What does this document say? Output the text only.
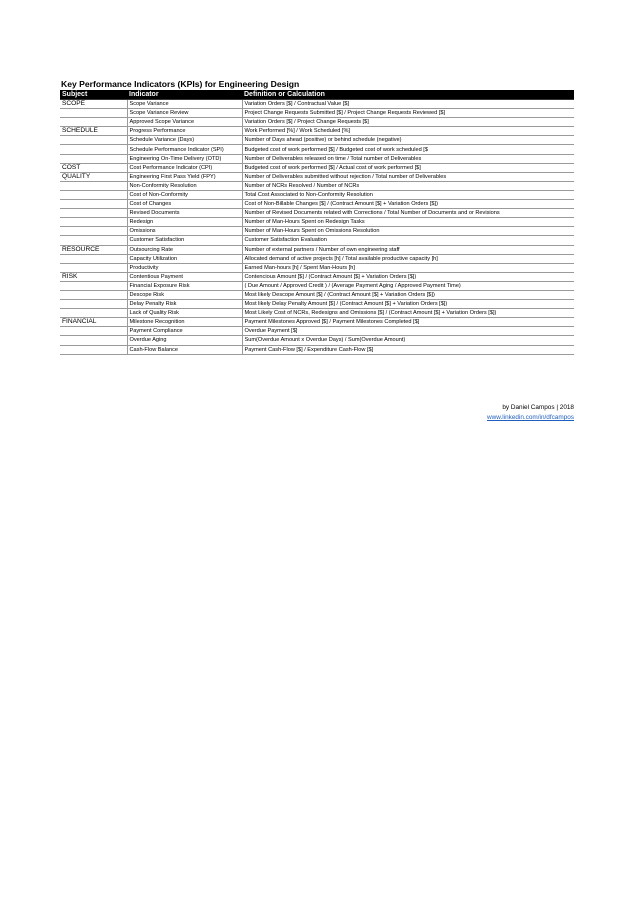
Key Performance Indicators (KPIs) for Engineering Design
Subject	Indicator	Definition or Calculation
SCOPE	Scope Variance	Variation Orders [$] / Contractual Value [$]
	Scope Variance Review	Project Change Requests Submitted [$] / Project Change Requests Reviewed [$]
	Approved Scope Variance	Variation Orders [$] / Project Change Requests [$]
SCHEDULE	Progress Performance	Work Performed [%] / Work Scheduled [%]
	Schedule Variance (Days)	Number of Days ahead (positive) or behind schedule (negative)
	Schedule Performance Indicator (SPI)	Budgeted cost of work performed [$] / Budgeted cost of work scheduled [$
	Engineering On-Time Delivery (OTD)	Number of Deliverables released on time / Total number of Deliverables
COST	Cost Performance Indicator (CPI)	Budgeted cost of work performed [$] / Actual cost of work performed [$]
QUALITY	Engineering First Pass Yield (FPY)	Number of Deliverables submitted without rejection / Total number of Deliverables
	Non-Conformity Resolution	Number of NCRs Resolved / Number of NCRs
	Cost of Non-Conformity	Total Cost Associated to Non-Conformity Resolution
	Cost of Changes	Cost of Non-Billable Changes [$] / (Contract Amount [$] + Variation Orders [$])
	Revised Documents	Number of Revised Documents related with Corrections / Total Number of Documents and or Revisions
	Redesign	Number of Man-Hours Spent on Redesign Tasks
	Omissions	Number of Man-Hours Spent on Omissions Resolution
	Customer Satisfaction	Customer Satisfaction Evaluation
RESOURCE	Outsourcing Rate	Number of external partners / Number of own engineering staff
	Capacity Utilization	Allocated demand of active projects [h] / Total available productive capacity [h]
	Productivity	Earned Man-hours [h] / Spent Man-Hours [h]
RISK	Contentious Payment	Contencious Amount [$] / (Contract Amount [$] + Variation Orders [$])
	Financial Exposure Risk	( Due Amount / Approved Credit ) / (Average Payment Aging / Approved Payment Time)
	Descope Risk	Most likely Descope Amount [$] / (Contract Amount [$] + Variation Orders [$])
	Delay Penalty Risk	Most likely Delay Penalty Amount [$] / (Contract Amount [$] + Variation Orders [$])
	Lack of Quality Risk	Most Likely Cost of NCRs, Redesigns and Omissions [$] / (Contract Amount [$] + Variation Orders [$])
FINANCIAL	Milestone Recognition	Payment Milestones Approved [$] / Payment Milestones Completed [$]
	Payment Compliance	Overdue Payment [$]
	Overdue Aging	Sum(Overdue Amount x Overdue Days) / Sum(Overdue Amount)
	Cash-Flow Balance	Payment Cash-Flow [$] / Expenditure Cash-Flow [$]
by Daniel Campos | 2018
www.linkedin.com/in/dfcampos
